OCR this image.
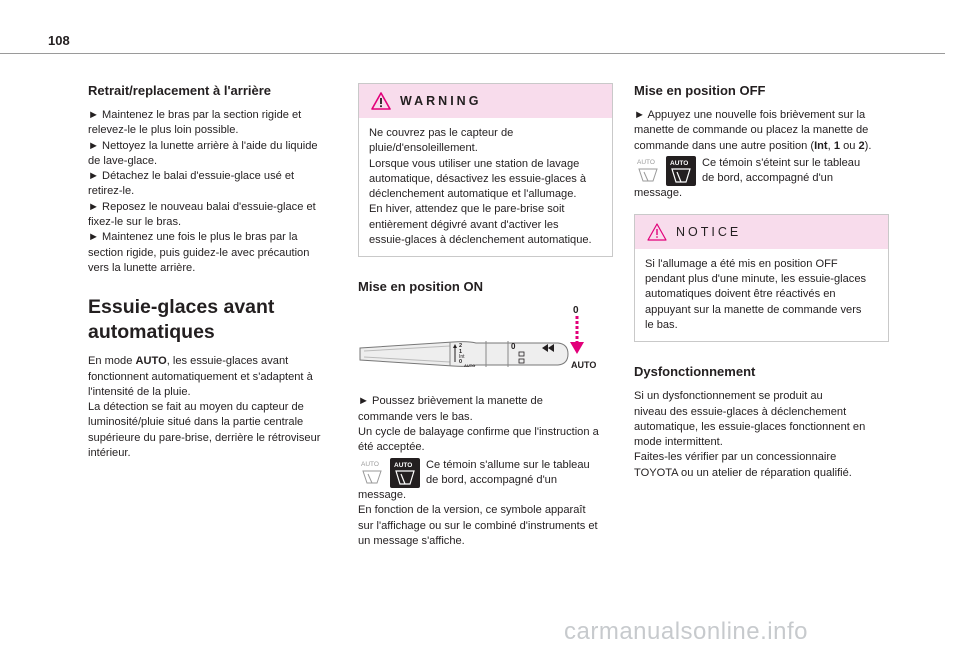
108
Retrait/replacement à l'arrière

► Maintenez le bras par la section rigide et
relevez-le le plus loin possible.
► Nettoyez la lunette arrière à l'aide du liquide
de lave-glace.
► Détachez le balai d'essuie-glace usé et
retirez-le.
► Reposez le nouveau balai d'essuie-glace et
fixez-le sur le bras.
► Maintenez une fois le plus le bras par la
section rigide, puis guidez-le avec précaution
vers la lunette arrière.

Essuie-glaces avant
automatiques

En mode AUTO, les essuie-glaces avant
fonctionnent automatiquement et s'adaptent à
l'intensité de la pluie.
La détection se fait au moyen du capteur de
luminosité/pluie situé dans la partie centrale
supérieure du pare-brise, derrière le rétroviseur
intérieur.

WARNING

Ne couvrez pas le capteur de
pluie/d'ensoleillement.
Lorsque vous utiliser une station de lavage
automatique, désactivez les essuie-glaces à
déclenchement automatique et l'allumage.
En hiver, attendez que le pare-brise soit
entièrement dégivré avant d'activer les
essuie-glaces à déclenchement automatique.

Mise en position ON
2
1
Int
0
AUTO
0
0
AUTO

► Poussez brièvement la manette de
commande vers le bas.
Un cycle de balayage confirme que l'instruction a
été acceptée.

AUTO AUTO Ce témoin s'allume sur le tableau
de bord, accompagné d'un

message.
En fonction de la version, ce symbole apparaît
sur l'affichage ou sur le combiné d'instruments et
un message s'affiche.

Mise en position OFF

► Appuyez une nouvelle fois brièvement sur la
manette de commande ou placez la manette de
commande dans une autre position (Int, 1 ou 2).

AUTO AUTO Ce témoin s'éteint sur le tableau
de bord, accompagné d'un

message.

NOTICE

Si l'allumage a été mis en position OFF
pendant plus d'une minute, les essuie-glaces
automatiques doivent être réactivés en
appuyant sur la manette de commande vers
le bas.

Dysfonctionnement

Si un dysfonctionnement se produit au
niveau des essuie-glaces à déclenchement
automatique, les essuie-glaces fonctionnent en
mode intermittent.
Faites-les vérifier par un concessionnaire
TOYOTA ou un atelier de réparation qualifié.

carmanualsonline.info
